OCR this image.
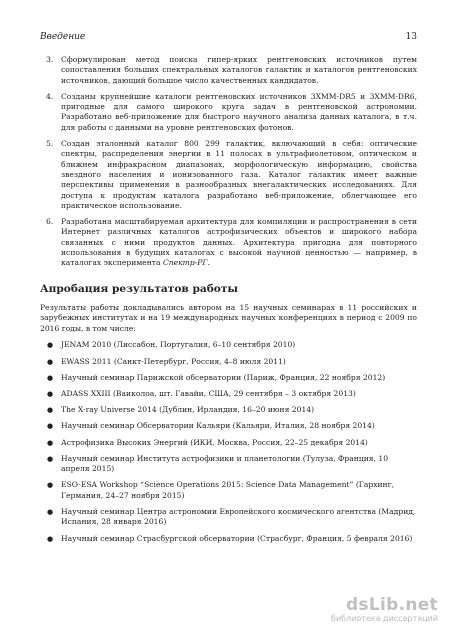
Введение	13
3. Сформулирован метод поиска гипер-ярких рентгеновских источников путем сопоставления больших спектральных каталогов галактик и каталогов рентгеновских источников, дающий большое число качественных кандидатов.
4. Созданы крупнейшие каталоги рентгеновских источников 3XMM-DR5 и 3XMM-DR6, пригодные для самого широкого круга задач в рентгеновской астрономии. Разработано веб-приложение для быстрого научного анализа данных каталога, в т.ч. для работы с данными на уровне рентгеновских фотонов.
5. Создан эталонный каталог 800 299 галактик, включающий в себя: оптические спектры, распределения энергии в 11 полосах в ультрафиолетовом, оптическом и ближнем инфракрасном диапазонах, морфологическую информацию, свойства звездного населения и ионизованного газа. Каталог галактик имеет важные перспективы применения в разнообразных внегалактических исследованиях. Для доступа к продуктам каталога разработано веб-приложение, облегчающее его практическое использование.
6. Разработана масштабируемая архитектура для компиляции и распространения в сети Интернет различных каталогов астрофизических объектов и широкого набора связанных с ними продуктов данных. Архитектура пригодна для повторного использования в будущих каталогах с высокой научной ценностью — например, в каталогах эксперимента Спектр-РГ.
Апробация результатов работы

Результаты работы докладывались автором на 15 научных семинарах в 11 российских и зарубежных институтах и на 19 международных научных конференциях в период с 2009 по 2016 годы, в том числе:

● JENAM 2010 (Лиссабон, Португалия, 6–10 сентября 2010)
● EWASS 2011 (Санкт-Петербург, Россия, 4–8 июля 2011)
● Научный семинар Парижской обсерватории (Париж, Франция, 22 ноября 2012)
● ADASS XXIII (Ваиколоа, шт. Гавайи, США, 29 сентября – 3 октября 2013)
● The X-ray Universe 2014 (Дублин, Ирландия, 16–20 июня 2014)
● Научный семинар Обсерватории Кальяри (Кальяри, Италия, 28 ноября 2014)
● Астрофизика Высоких Энергий (ИКИ, Москва, Россия, 22–25 декабря 2014)
● Научный семинар Института астрофизики и планетологии (Тулуза, Франция, 10 апреля 2015)
● ESO-ESA Workshop “Science Operations 2015: Science Data Management” (Гархинг, Германия, 24–27 ноября 2015)
● Научный семинар Центра астрономии Европейского космического агентства (Мадрид, Испания, 28 января 2016)
● Научный семинар Страсбургской обсерватории (Страсбург, Франция, 5 февраля 2016)
dsLib.net
библиотека диссертаций
